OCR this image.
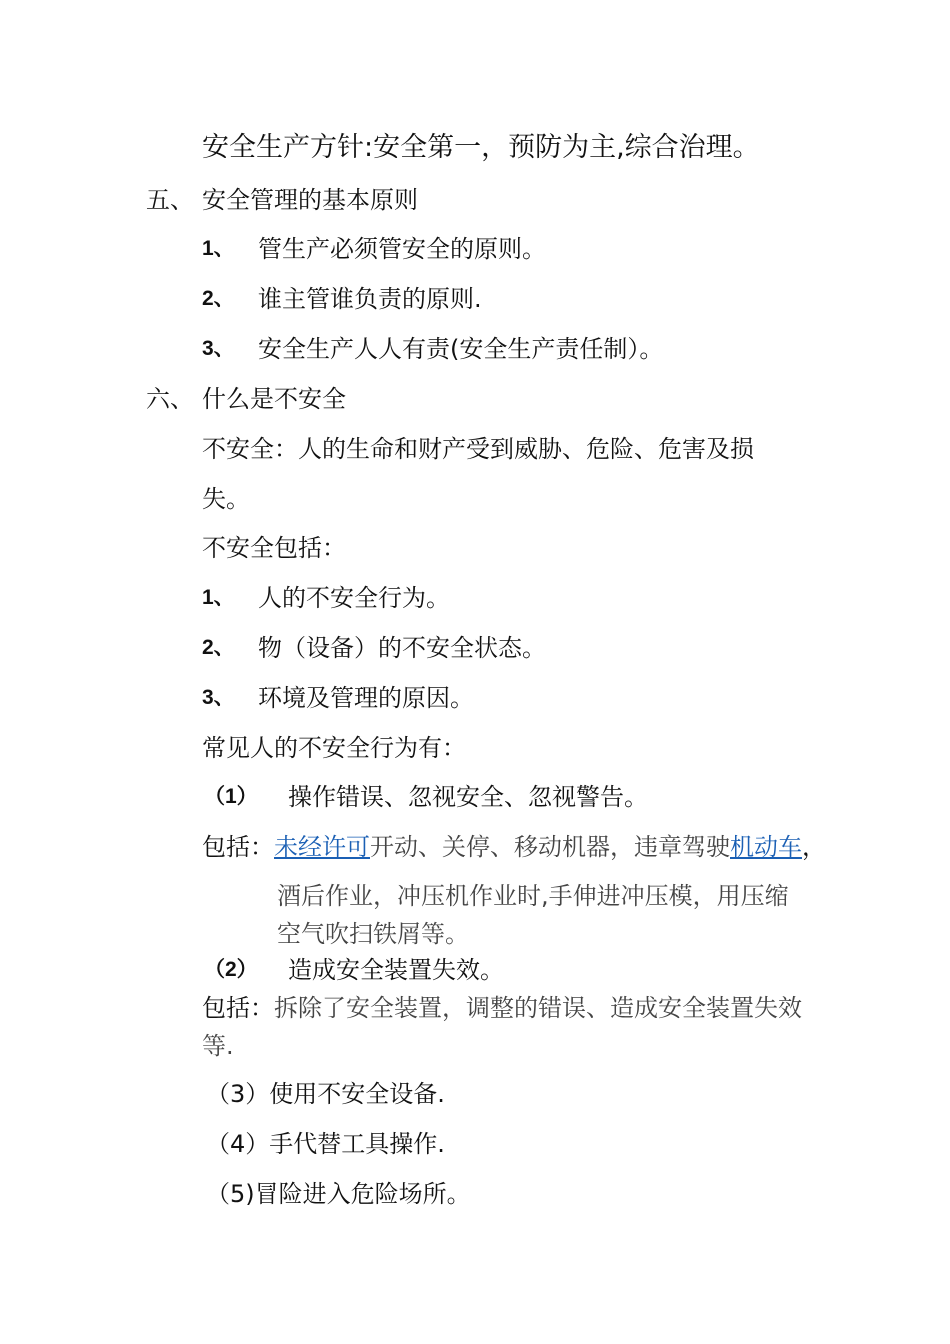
安全生产方针:安全第一，预防为主,综合治理。
五、 安全管理的基本原则
1、 管生产必须管安全的原则。
2、 谁主管谁负责的原则.
3、 安全生产人人有责(安全生产责任制）。
六、 什么是不安全
不安全：人的生命和财产受到威胁、危险、危害及损
失。
不安全包括：
1、 人的不安全行为。
2、 物（设备）的不安全状态。
3、 环境及管理的原因。
常见人的不安全行为有：
（1） 操作错误、忽视安全、忽视警告。
包括：未经许可开动、关停、移动机器，违章驾驶机动车，
酒后作业，冲压机作业时,手伸进冲压模，用压缩
空气吹扫铁屑等。
（2） 造成安全装置失效。
包括：拆除了安全装置，调整的错误、造成安全装置失效
等.
（3）使用不安全设备.
（4）手代替工具操作.
（5)冒险进入危险场所。
